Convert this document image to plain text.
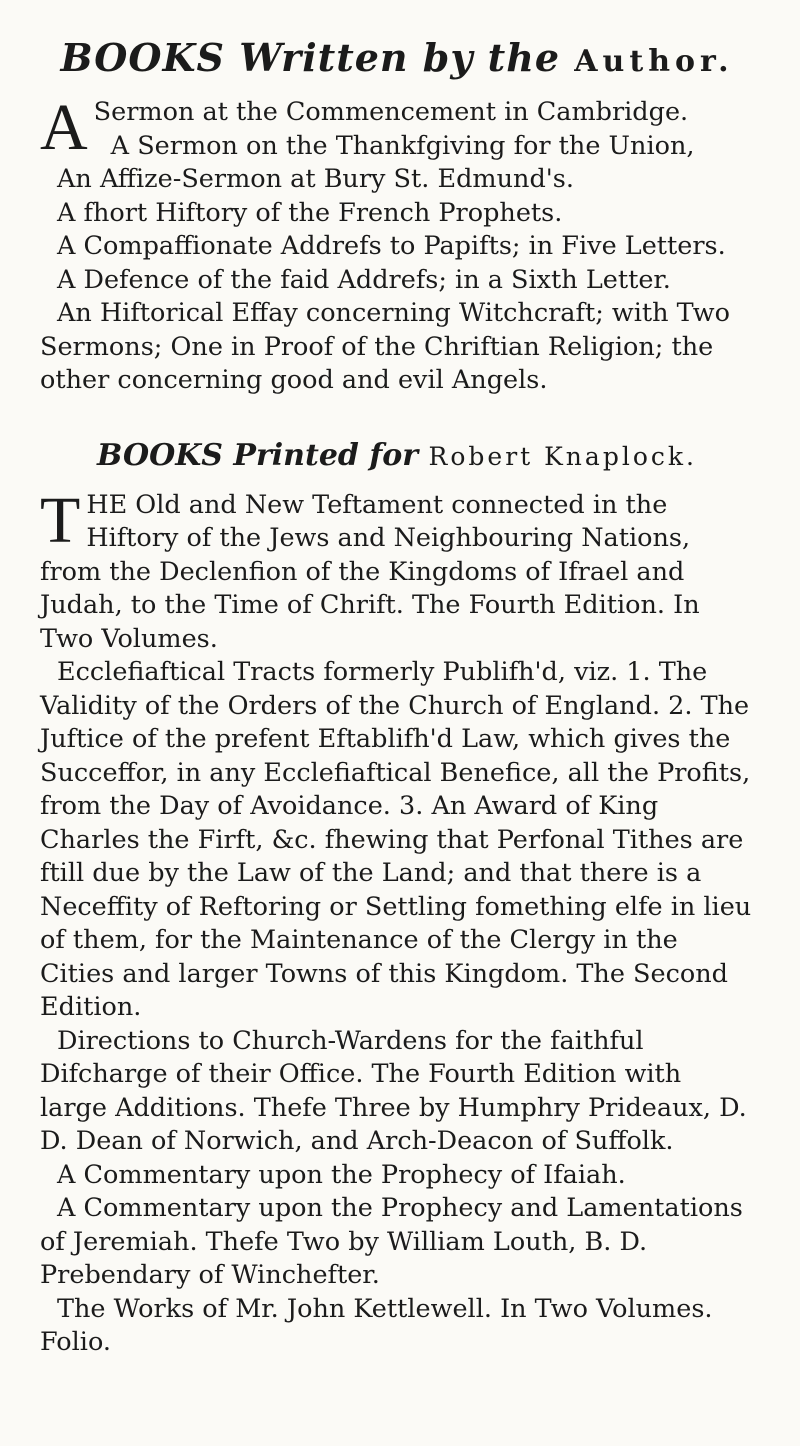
BOOKS Written by the Author.

A Sermon at the Commencement in Cambridge.

A Sermon on the Thankfgiving for the Union,

An Affize-Sermon at Bury St. Edmund's.

A fhort Hiftory of the French Prophets.

A Compaffionate Addrefs to Papifts; in Five Letters.

A Defence of the faid Addrefs; in a Sixth Letter.

An Hiftorical Effay concerning Witchcraft; with Two Sermons; One in Proof of the Chriftian Religion; the other concerning good and evil Angels.

BOOKS Printed for Robert Knaplock.

T HE Old and New Teftament connected in the Hiftory of the Jews and Neighbouring Nations, from the Declenfion of the Kingdoms of Ifrael and Judah, to the Time of Chrift. The Fourth Edition. In Two Volumes.

Ecclefiaftical Tracts formerly Publifh'd, viz. 1. The Validity of the Orders of the Church of England. 2. The Juftice of the prefent Eftablifh'd Law, which gives the Succeffor, in any Ecclefiaftical Benefice, all the Profits, from the Day of Avoidance. 3. An Award of King Charles the Firft, &c. fhewing that Perfonal Tithes are ftill due by the Law of the Land; and that there is a Neceffity of Reftoring or Settling fomething elfe in lieu of them, for the Maintenance of the Clergy in the Cities and larger Towns of this Kingdom. The Second Edition.

Directions to Church-Wardens for the faithful Difcharge of their Office. The Fourth Edition with large Additions. Thefe Three by Humphry Prideaux, D. D. Dean of Norwich, and Arch-Deacon of Suffolk.

A Commentary upon the Prophecy of Ifaiah.

A Commentary upon the Prophecy and Lamentations of Jeremiah. Thefe Two by William Louth, B. D. Prebendary of Winchefter.

The Works of Mr. John Kettlewell. In Two Volumes. Folio.
